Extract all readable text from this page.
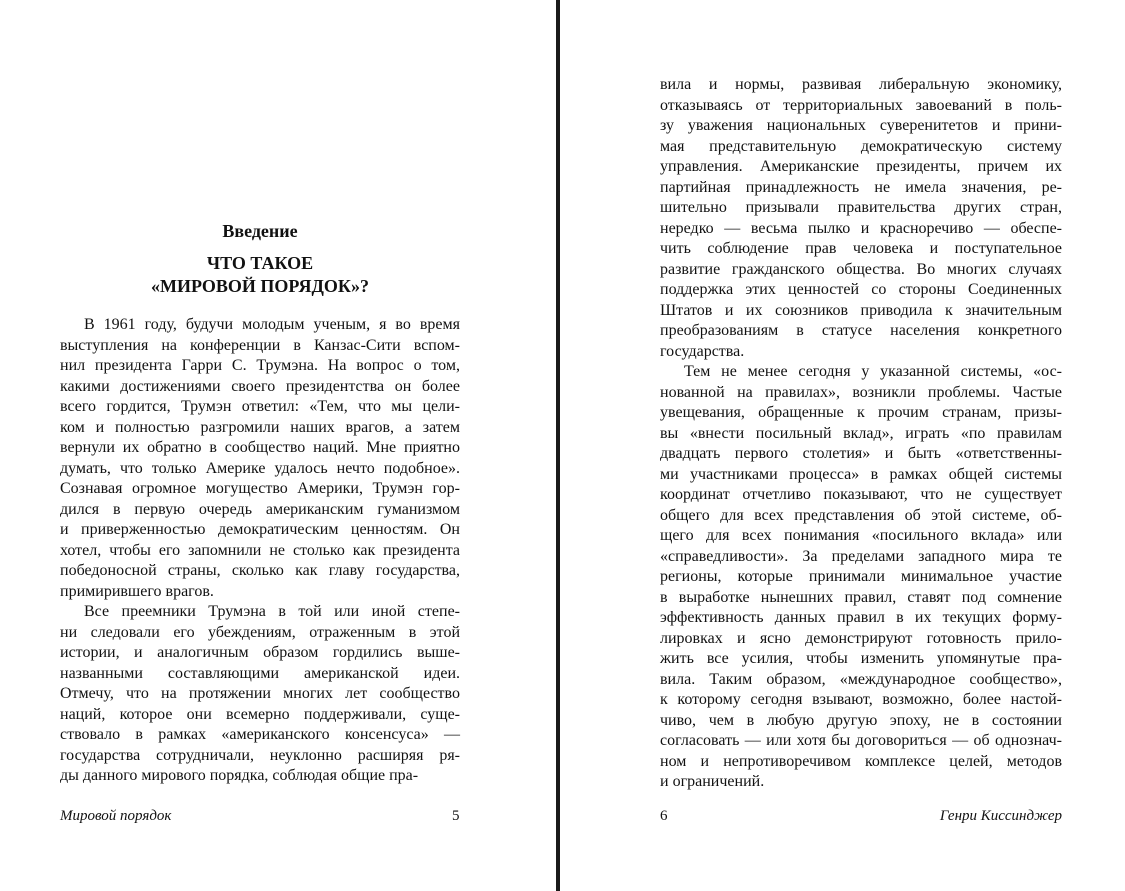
Введение
ЧТО ТАКОЕ
«МИРОВОЙ ПОРЯДОК»?
В 1961 году, будучи молодым ученым, я во время
выступления на конференции в Канзас-Сити вспом-
нил президента Гарри С. Трумэна. На вопрос о том,
какими достижениями своего президентства он более
всего гордится, Трумэн ответил: «Тем, что мы цели-
ком и полностью разгромили наших врагов, а затем
вернули их обратно в сообщество наций. Мне приятно
думать, что только Америке удалось нечто подобное».
Сознавая огромное могущество Америки, Трумэн гор-
дился в первую очередь американским гуманизмом
и приверженностью демократическим ценностям. Он
хотел, чтобы его запомнили не столько как президента
победоносной страны, сколько как главу государства,
примирившего врагов.
Все преемники Трумэна в той или иной степе-
ни следовали его убеждениям, отраженным в этой
истории, и аналогичным образом гордились выше-
названными составляющими американской идеи.
Отмечу, что на протяжении многих лет сообщество
наций, которое они всемерно поддерживали, суще-
ствовало в рамках «американского консенсуса» —
государства сотрудничали, неуклонно расширяя ря-
ды данного мирового порядка, соблюдая общие пра-
Мировой порядок	5
вила и нормы, развивая либеральную экономику,
отказываясь от территориальных завоеваний в поль-
зу уважения национальных суверенитетов и прини-
мая представительную демократическую систему
управления. Американские президенты, причем их
партийная принадлежность не имела значения, ре-
шительно призывали правительства других стран,
нередко — весьма пылко и красноречиво — обеспе-
чить соблюдение прав человека и поступательное
развитие гражданского общества. Во многих случаях
поддержка этих ценностей со стороны Соединенных
Штатов и их союзников приводила к значительным
преобразованиям в статусе населения конкретного
государства.
Тем не менее сегодня у указанной системы, «ос-
нованной на правилах», возникли проблемы. Частые
увещевания, обращенные к прочим странам, призы-
вы «внести посильный вклад», играть «по правилам
двадцать первого столетия» и быть «ответственны-
ми участниками процесса» в рамках общей системы
координат отчетливо показывают, что не существует
общего для всех представления об этой системе, об-
щего для всех понимания «посильного вклада» или
«справедливости». За пределами западного мира те
регионы, которые принимали минимальное участие
в выработке нынешних правил, ставят под сомнение
эффективность данных правил в их текущих форму-
лировках и ясно демонстрируют готовность прило-
жить все усилия, чтобы изменить упомянутые пра-
вила. Таким образом, «международное сообщество»,
к которому сегодня взывают, возможно, более настой-
чиво, чем в любую другую эпоху, не в состоянии
согласовать — или хотя бы договориться — об однознач-
ном и непротиворечивом комплексе целей, методов
и ограничений.
6	Генри Киссинджер
